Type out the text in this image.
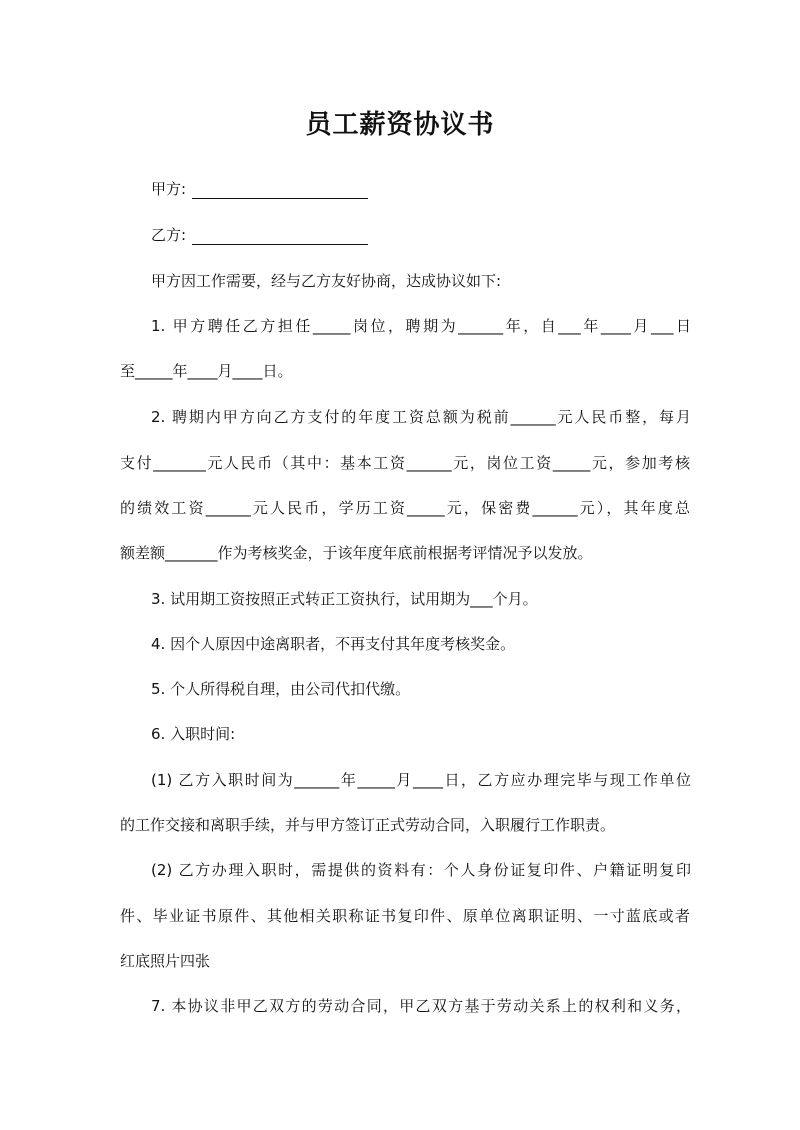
员工薪资协议书
甲方:
乙方:
甲方因工作需要，经与乙方友好协商，达成协议如下:
1. 甲方聘任乙方担任_____岗位，聘期为______年，自___年____月___日
至_____年____月____日。
2. 聘期内甲方向乙方支付的年度工资总额为税前______元人民币整，每月
支付_______元人民币（其中：基本工资______元，岗位工资_____元，参加考核
的绩效工资______元人民币，学历工资_____元，保密费______元），其年度总
额差额_______作为考核奖金，于该年度年底前根据考评情况予以发放。
3. 试用期工资按照正式转正工资执行，试用期为___个月。
4. 因个人原因中途离职者，不再支付其年度考核奖金。
5. 个人所得税自理，由公司代扣代缴。
6. 入职时间:
(1) 乙方入职时间为______年_____月____日，乙方应办理完毕与现工作单位
的工作交接和离职手续，并与甲方签订正式劳动合同，入职履行工作职责。
(2) 乙方办理入职时，需提供的资料有：个人身份证复印件、户籍证明复印
件、毕业证书原件、其他相关职称证书复印件、原单位离职证明、一寸蓝底或者
红底照片四张
7. 本协议非甲乙双方的劳动合同，甲乙双方基于劳动关系上的权利和义务，
